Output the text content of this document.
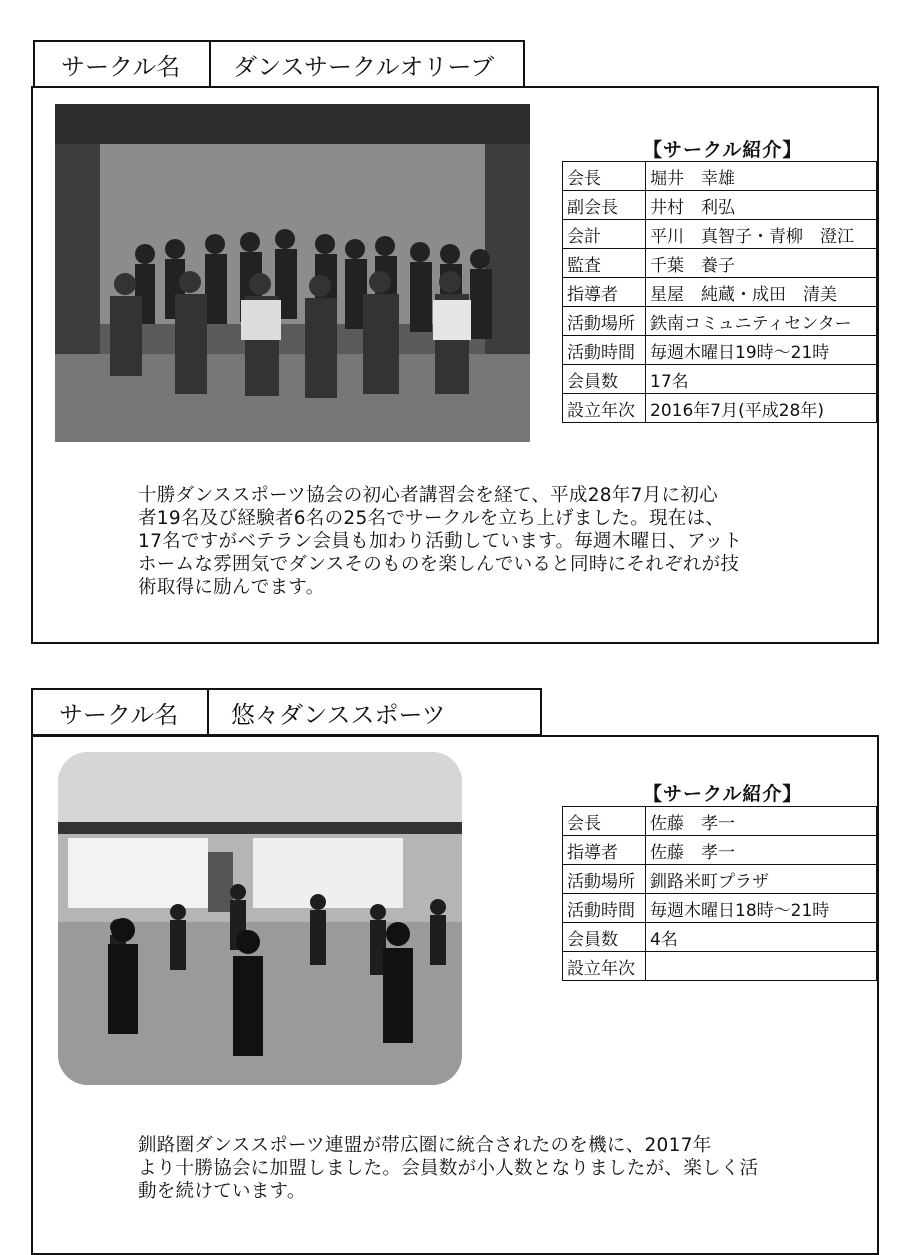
サークル名	ダンスサークルオリーブ
【サークル紹介】
会長	堀井　幸雄
副会長	井村　利弘
会計	平川　真智子・青柳　澄江
監査	千葉　養子
指導者	星屋　純蔵・成田　清美
活動場所	鉄南コミュニティセンター
活動時間	毎週木曜日19時～21時
会員数	17名
設立年次	2016年7月(平成28年)

十勝ダンススポーツ協会の初心者講習会を経て、平成28年7月に初心

者19名及び経験者6名の25名でサークルを立ち上げました。現在は、

17名ですがベテラン会員も加わり活動しています。毎週木曜日、アット

ホームな雰囲気でダンスそのものを楽しんでいると同時にそれぞれが技

術取得に励んでます。

サークル名	悠々ダンススポーツ
【サークル紹介】
会長	佐藤　孝一
指導者	佐藤　孝一
活動場所	釧路米町プラザ
活動時間	毎週木曜日18時～21時
会員数	4名
設立年次	

釧路圏ダンススポーツ連盟が帯広圏に統合されたのを機に、2017年

より十勝協会に加盟しました。会員数が小人数となりましたが、楽しく活

動を続けています。
